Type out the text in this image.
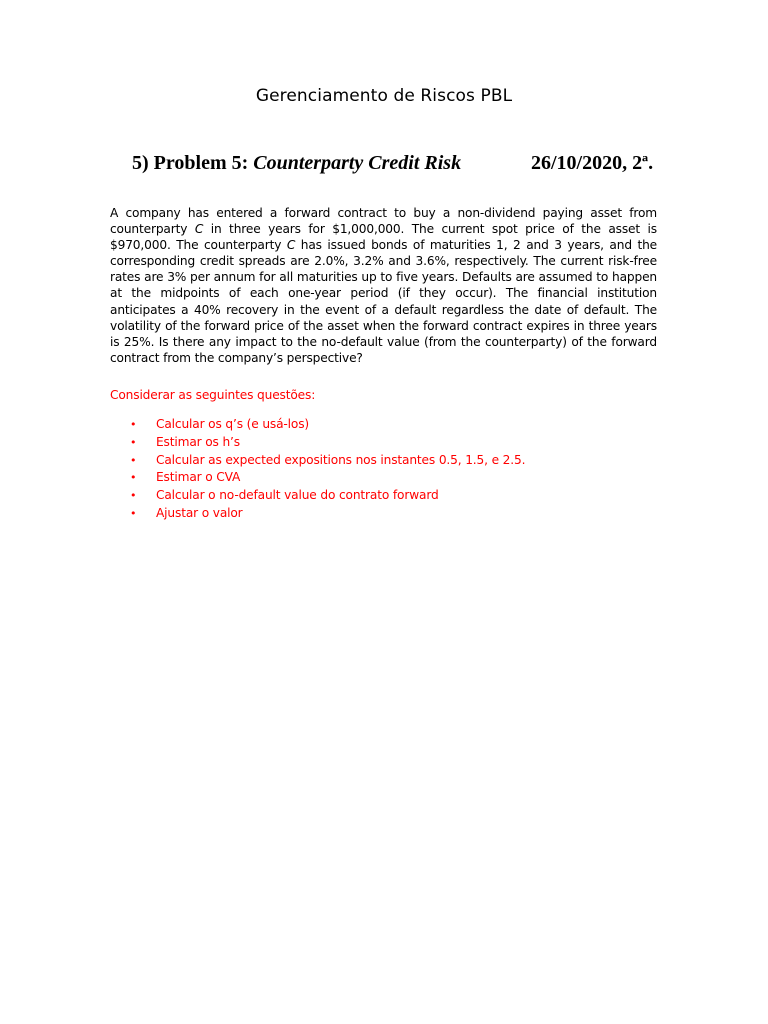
Gerenciamento de Riscos PBL
5) Problem 5: Counterparty Credit Risk	26/10/2020, 2ª.
A company has entered a forward contract to buy a non-dividend paying asset from counterparty C in three years for $1,000,000. The current spot price of the asset is $970,000. The counterparty C has issued bonds of maturities 1, 2 and 3 years, and the corresponding credit spreads are 2.0%, 3.2% and 3.6%, respectively. The current risk-free rates are 3% per annum for all maturities up to five years. Defaults are assumed to happen at the midpoints of each one-year period (if they occur). The financial institution anticipates a 40% recovery in the event of a default regardless the date of default. The volatility of the forward price of the asset when the forward contract expires in three years is 25%. Is there any impact to the no-default value (from the counterparty) of the forward contract from the company’s perspective?
Considerar as seguintes questões:
• Calcular os q’s (e usá-los)
• Estimar os h’s
• Calcular as expected expositions nos instantes 0.5, 1.5, e 2.5.
• Estimar o CVA
• Calcular o no-default value do contrato forward
• Ajustar o valor
